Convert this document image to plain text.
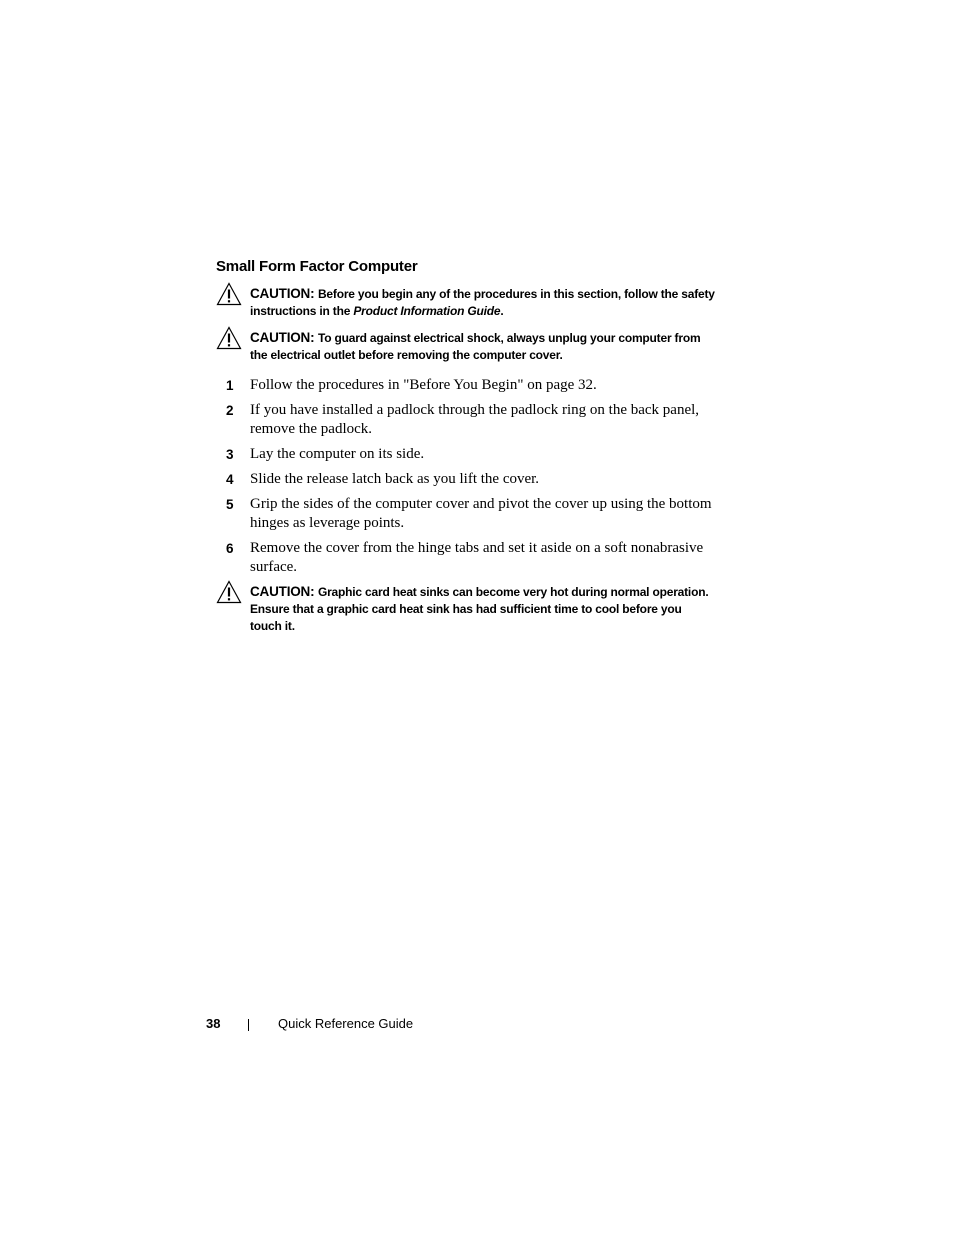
Small Form Factor Computer
CAUTION: Before you begin any of the procedures in this section, follow the safety instructions in the Product Information Guide.
CAUTION: To guard against electrical shock, always unplug your computer from the electrical outlet before removing the computer cover.
1 Follow the procedures in "Before You Begin" on page 32.
2 If you have installed a padlock through the padlock ring on the back panel, remove the padlock.
3 Lay the computer on its side.
4 Slide the release latch back as you lift the cover.
5 Grip the sides of the computer cover and pivot the cover up using the bottom hinges as leverage points.
6 Remove the cover from the hinge tabs and set it aside on a soft nonabrasive surface.
CAUTION: Graphic card heat sinks can become very hot during normal operation. Ensure that a graphic card heat sink has had sufficient time to cool before you touch it.
38	Quick Reference Guide
